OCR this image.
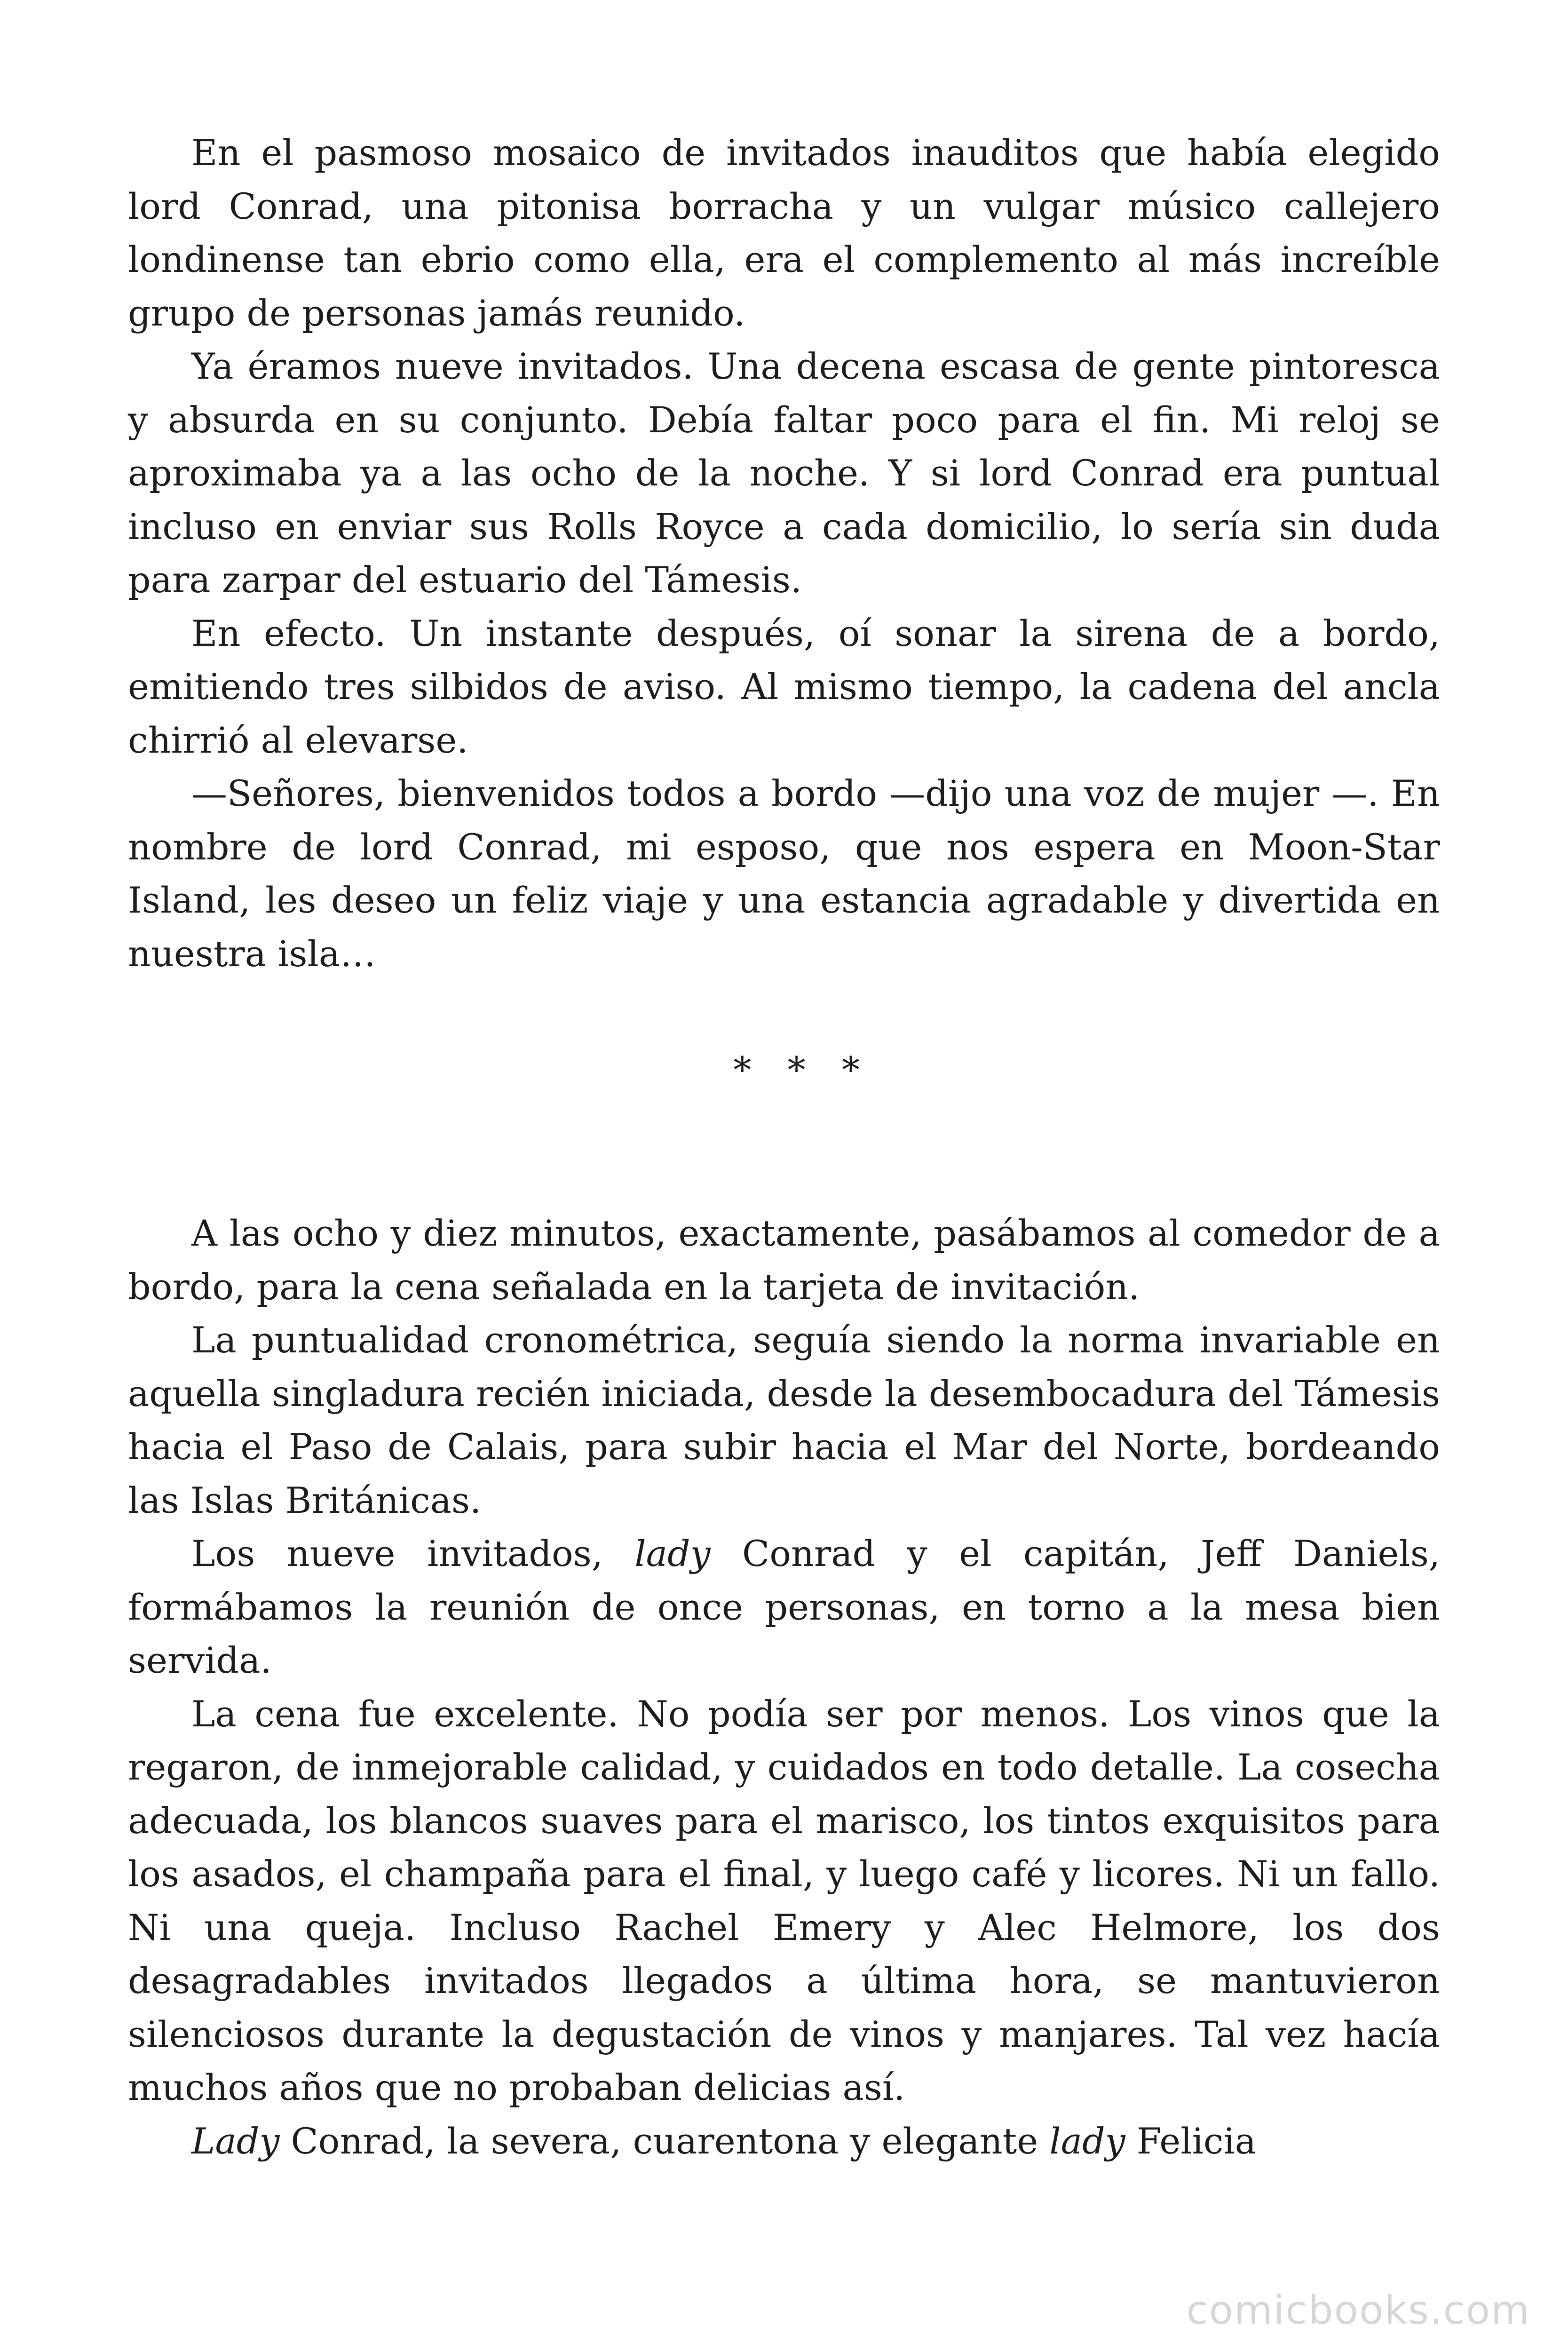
En el pasmoso mosaico de invitados inauditos que había elegido lord Conrad, una pitonisa borracha y un vulgar músico callejero londinense tan ebrio como ella, era el complemento al más increíble grupo de personas jamás reunido.

Ya éramos nueve invitados. Una decena escasa de gente pintoresca y absurda en su conjunto. Debía faltar poco para el fin. Mi reloj se aproximaba ya a las ocho de la noche. Y si lord Conrad era puntual incluso en enviar sus Rolls Royce a cada domicilio, lo sería sin duda para zarpar del estuario del Támesis.

En efecto. Un instante después, oí sonar la sirena de a bordo, emitiendo tres silbidos de aviso. Al mismo tiempo, la cadena del ancla chirrió al elevarse.

—Señores, bienvenidos todos a bordo —dijo una voz de mujer —. En nombre de lord Conrad, mi esposo, que nos espera en Moon-Star Island, les deseo un feliz viaje y una estancia agradable y divertida en nuestra isla…

* * *

A las ocho y diez minutos, exactamente, pasábamos al comedor de a bordo, para la cena señalada en la tarjeta de invitación.

La puntualidad cronométrica, seguía siendo la norma invariable en aquella singladura recién iniciada, desde la desembocadura del Támesis hacia el Paso de Calais, para subir hacia el Mar del Norte, bordeando las Islas Británicas.

Los nueve invitados, lady Conrad y el capitán, Jeff Daniels, formábamos la reunión de once personas, en torno a la mesa bien servida.

La cena fue excelente. No podía ser por menos. Los vinos que la regaron, de inmejorable calidad, y cuidados en todo detalle. La cosecha adecuada, los blancos suaves para el marisco, los tintos exquisitos para los asados, el champaña para el final, y luego café y licores. Ni un fallo. Ni una queja. Incluso Rachel Emery y Alec Helmore, los dos desagradables invitados llegados a última hora, se mantuvieron silenciosos durante la degustación de vinos y manjares. Tal vez hacía muchos años que no probaban delicias así.

Lady Conrad, la severa, cuarentona y elegante lady Felicia

comicbooks.com
